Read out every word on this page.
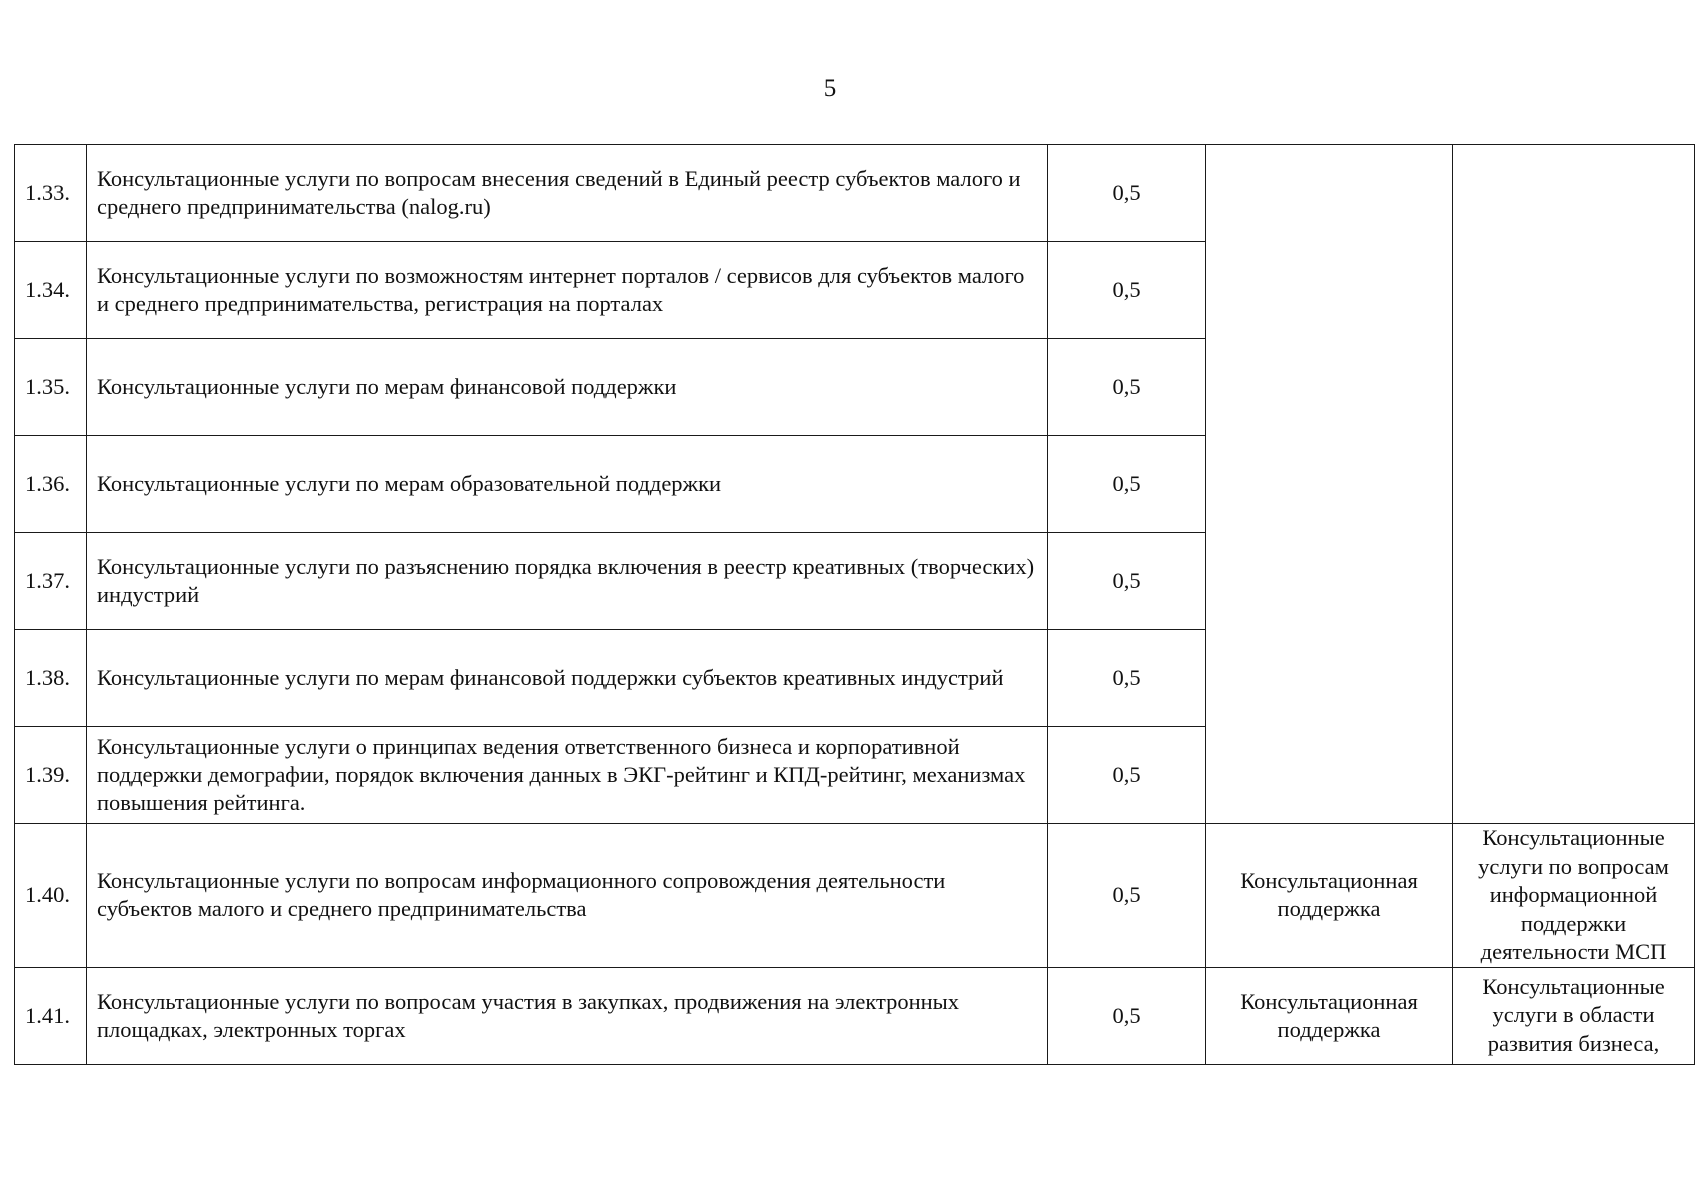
5
1.33.	Консультационные услуги по вопросам внесения сведений в Единый реестр субъектов малого и среднего предпринимательства (nalog.ru)	0,5		
1.34.	Консультационные услуги по возможностям интернет порталов / сервисов для субъектов малого и среднего предпринимательства, регистрация на порталах	0,5		
1.35.	Консультационные услуги по мерам финансовой поддержки	0,5		
1.36.	Консультационные услуги по мерам образовательной поддержки	0,5		
1.37.	Консультационные услуги по разъяснению порядка включения в реестр креативных (творческих) индустрий	0,5		
1.38.	Консультационные услуги по мерам финансовой поддержки субъектов креативных индустрий	0,5		
1.39.	Консультационные услуги о принципах ведения ответственного бизнеса и корпоративной поддержки демографии, порядок включения данных в ЭКГ-рейтинг и КПД-рейтинг, механизмах повышения рейтинга.	0,5		
1.40.	Консультационные услуги по вопросам информационного сопровождения деятельности субъектов малого и среднего предпринимательства	0,5	Консультационная поддержка	Консультационные услуги по вопросам информационной поддержки деятельности МСП
1.41.	Консультационные услуги по вопросам участия в закупках, продвижения на электронных площадках, электронных торгах	0,5	Консультационная поддержка	Консультационные услуги в области развития бизнеса,
